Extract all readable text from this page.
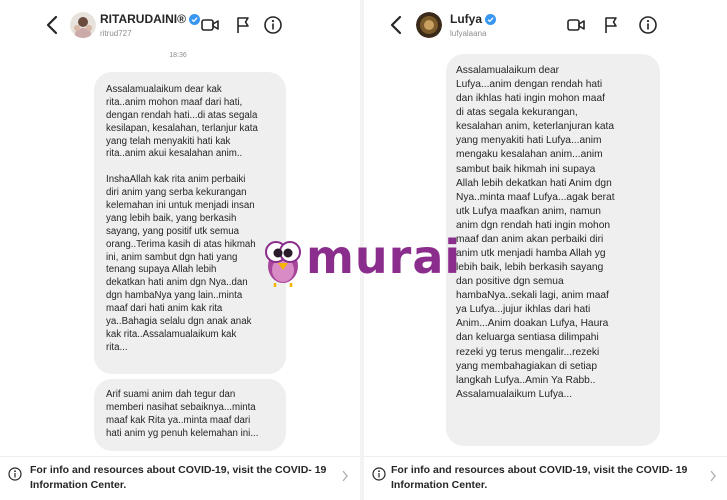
RITARUDAINI®
ritrud727
18:36
Assalamualaikum dear kak
rita..anim mohon maaf dari hati,
dengan rendah hati...di atas segala
kesilapan, kesalahan, terlanjur kata
yang telah menyakiti hati kak
rita..anim akui kesalahan anim..

InshaAllah kak rita anim perbaiki
diri anim yang serba kekurangan
kelemahan ini untuk menjadi insan
yang lebih baik, yang berkasih
sayang, yang positif utk semua
orang..Terima kasih di atas hikmah
ini, anim sambut dgn hati yang
tenang supaya Allah lebih
dekatkan hati anim dgn Nya..dan
dgn hambaNya yang lain..minta
maaf dari hati anim kak rita
ya..Bahagia selalu dgn anak anak
kak rita..Assalamualaikum kak
rita...
Arif suami anim dah tegur dan
memberi nasihat sebaiknya...minta
maaf kak Rita ya..minta maaf dari
hati anim yg penuh kelemahan ini...
For info and resources about COVID-19, visit the COVID- 19 Information Center.
Lufya
lufyalaana
Assalamualaikum dear
Lufya...anim dengan rendah hati
dan ikhlas hati ingin mohon maaf
di atas segala kekurangan,
kesalahan anim, keterlanjuran kata
yang menyakiti hati Lufya...anim
mengaku kesalahan anim...anim
sambut baik hikmah ini supaya
Allah lebih dekatkan hati Anim dgn
Nya..minta maaf Lufya...agak berat
utk Lufya maafkan anim, namun
anim dgn rendah hati ingin mohon
maaf dan anim akan perbaiki diri
anim utk menjadi hamba Allah yg
lebih baik, lebih berkasih sayang
dan positive dgn semua
hambaNya..sekali lagi, anim maaf
ya Lufya...jujur ikhlas dari hati
Anim...Anim doakan Lufya, Haura
dan keluarga sentiasa dilimpahi
rezeki yg terus mengalir...rezeki
yang membahagiakan di setiap
langkah Lufya..Amin Ya Rabb..
Assalamualaikum Lufya...
For info and resources about COVID-19, visit the COVID- 19 Information Center.
murai
